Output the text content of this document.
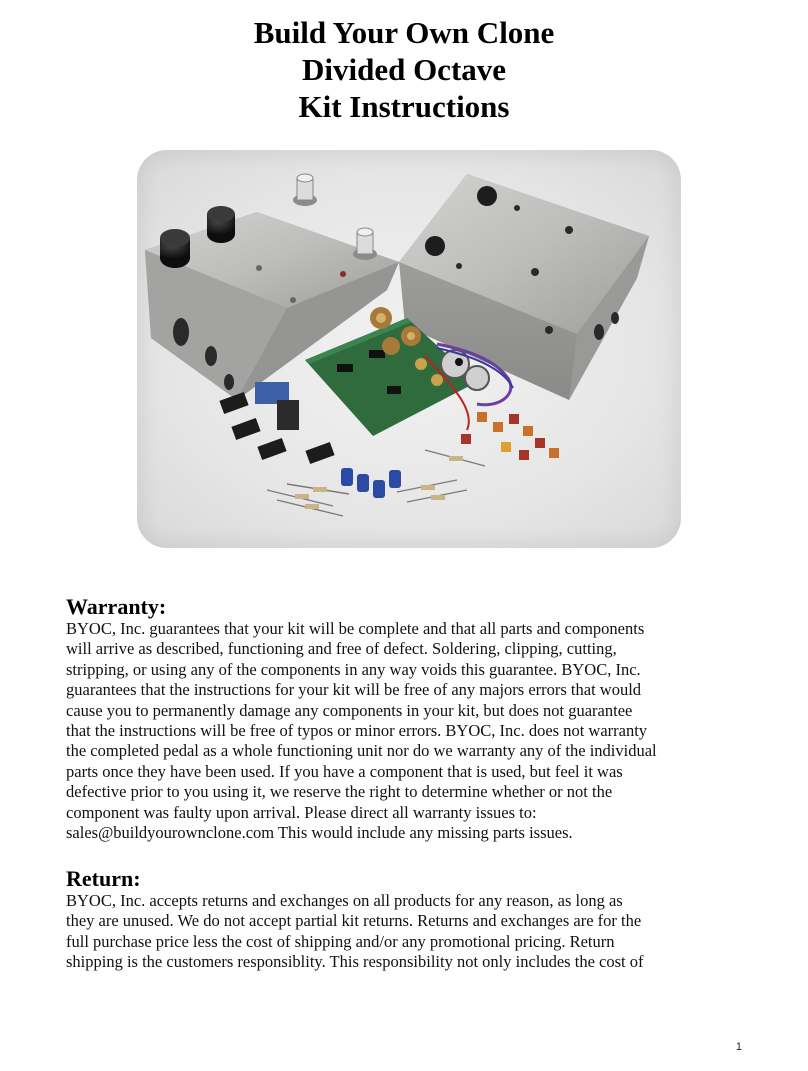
Build Your Own Clone

Divided Octave

Kit Instructions

Warranty:

BYOC, Inc. guarantees that your kit will be complete and that all parts and components

will arrive as described, functioning and free of defect. Soldering, clipping, cutting,

stripping, or using any of the components in any way voids this guarantee. BYOC, Inc.

guarantees that the instructions for your kit will be free of any majors errors that would

cause you to permanently damage any components in your kit, but does not guarantee

that the instructions will be free of typos or minor errors. BYOC, Inc. does not warranty

the completed pedal as a whole functioning unit nor do we warranty any of the individual

parts once they have been used. If you have a component that is used, but feel it was

defective prior to you using it, we reserve the right to determine whether or not the

component was faulty upon arrival. Please direct all warranty issues to:

sales@buildyourownclone.com This would include any missing parts issues.

Return:

BYOC, Inc. accepts returns and exchanges on all products for any reason, as long as

they are unused. We do not accept partial kit returns. Returns and exchanges are for the

full purchase price less the cost of shipping and/or any promotional pricing. Return

shipping is the customers responsiblity. This responsibility not only includes the cost of

1
